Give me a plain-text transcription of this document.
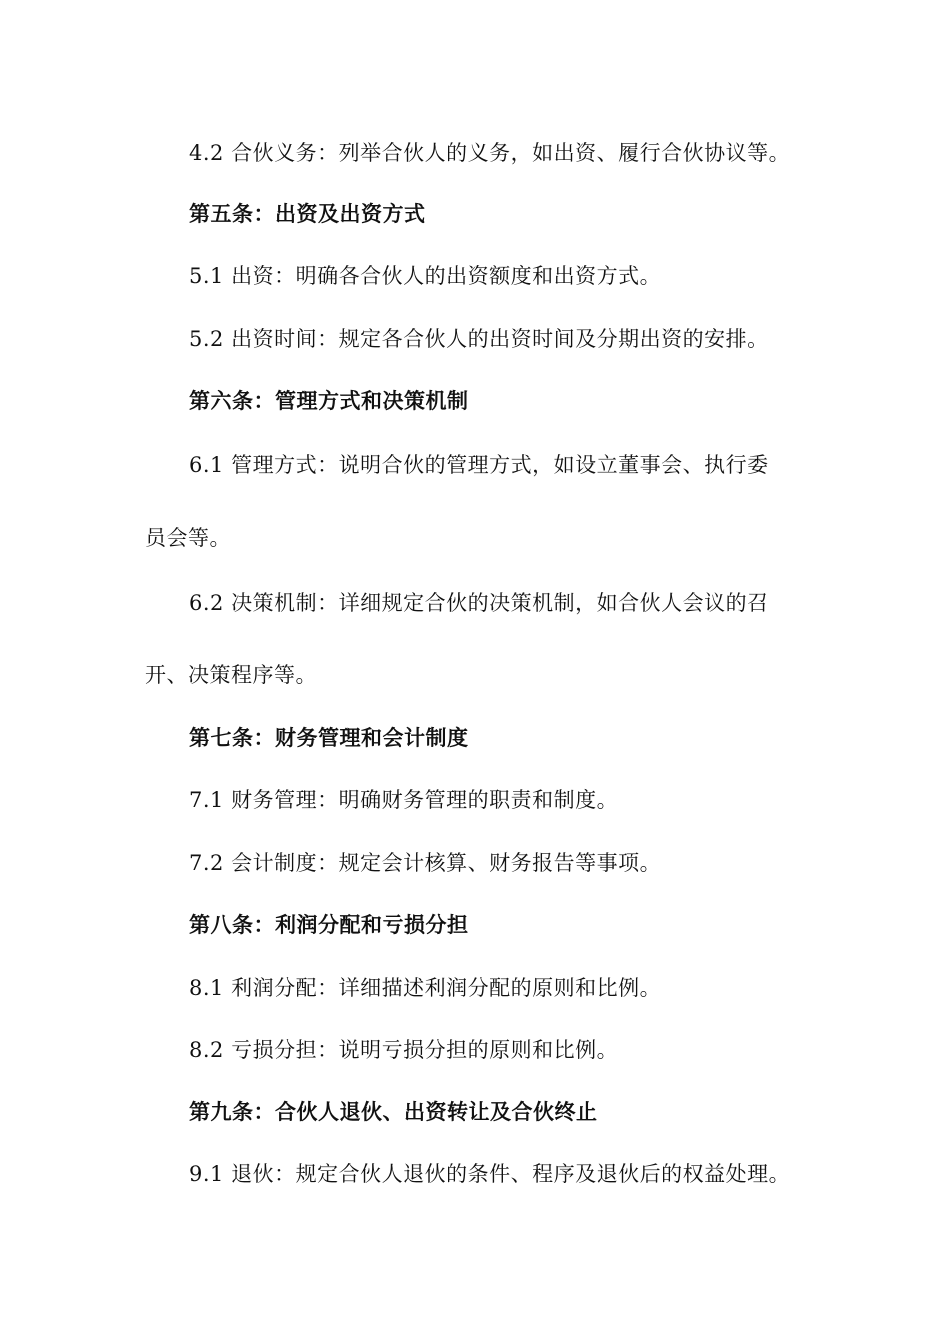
4.2 合伙义务：列举合伙人的义务，如出资、履行合伙协议等。
第五条：出资及出资方式
5.1 出资：明确各合伙人的出资额度和出资方式。
5.2 出资时间：规定各合伙人的出资时间及分期出资的安排。
第六条：管理方式和决策机制
6.1 管理方式：说明合伙的管理方式，如设立董事会、执行委
员会等。
6.2 决策机制：详细规定合伙的决策机制，如合伙人会议的召
开、决策程序等。
第七条：财务管理和会计制度
7.1 财务管理：明确财务管理的职责和制度。
7.2 会计制度：规定会计核算、财务报告等事项。
第八条：利润分配和亏损分担
8.1 利润分配：详细描述利润分配的原则和比例。
8.2 亏损分担：说明亏损分担的原则和比例。
第九条：合伙人退伙、出资转让及合伙终止
9.1 退伙：规定合伙人退伙的条件、程序及退伙后的权益处理。
